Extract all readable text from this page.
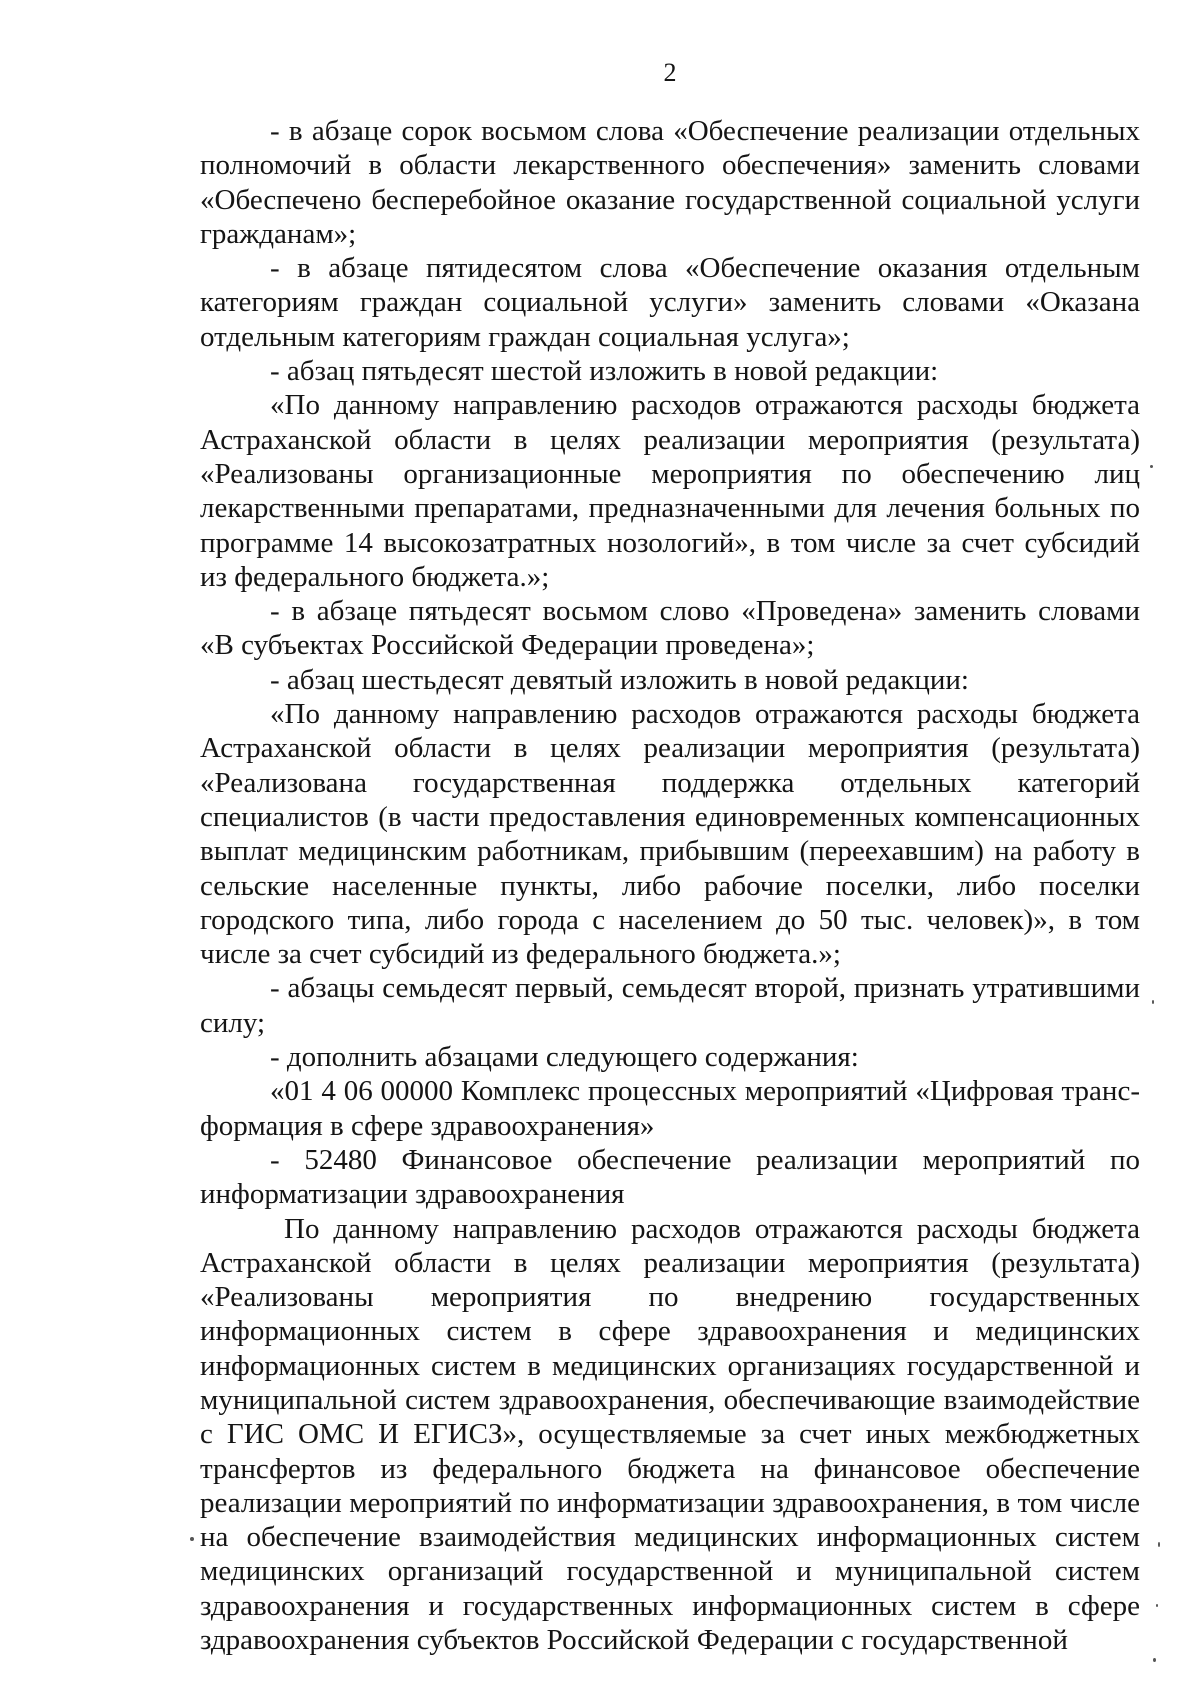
2

- в абзаце сорок восьмом слова «Обеспечение реализации отдельных полномочий в области лекарственного обеспечения» заменить словами «Обеспечено бесперебойное оказание государственной социальной услуги гражданам»;

- в абзаце пятидесятом слова «Обеспечение оказания отдельным категориям граждан социальной услуги» заменить словами «Оказана отдельным категориям граждан социальная услуга»;

- абзац пятьдесят шестой изложить в новой редакции:

«По данному направлению расходов отражаются расходы бюджета Астраханской области в целях реализации мероприятия (результата) «Реализованы организационные мероприятия по обеспечению лиц лекарственными препаратами, предназначенными для лечения больных по программе 14 высокозатратных нозологий», в том числе за счет субсидий из федерального бюджета.»;

- в абзаце пятьдесят восьмом слово «Проведена» заменить словами «В субъектах Российской Федерации проведена»;

- абзац шестьдесят девятый изложить в новой редакции:

«По данному направлению расходов отражаются расходы бюджета Астраханской области в целях реализации мероприятия (результата) «Реализована государственная поддержка отдельных категорий специалистов (в части предоставления единовременных компенсационных выплат медицинским работникам, прибывшим (переехавшим) на работу в сельские населенные пункты, либо рабочие поселки, либо поселки городского типа, либо города с населением до 50 тыс. человек)», в том числе за счет субсидий из федерального бюджета.»;

- абзацы семьдесят первый, семьдесят второй, признать утратившими силу;

- дополнить абзацами следующего содержания:

«01 4 06 00000 Комплекс процессных мероприятий «Цифровая трансформация в сфере здравоохранения»

- 52480 Финансовое обеспечение реализации мероприятий по информатизации здравоохранения

По данному направлению расходов отражаются расходы бюджета Астраханской области в целях реализации мероприятия (результата) «Реализованы мероприятия по внедрению государственных информационных систем в сфере здравоохранения и медицинских информационных систем в медицинских организациях государственной и муниципальной систем здравоохранения, обеспечивающие взаимодействие с ГИС ОМС И ЕГИСЗ», осуществляемые за счет иных межбюджетных трансфертов из федерального бюджета на финансовое обеспечение реализации мероприятий по информатизации здравоохранения, в том числе на обеспечение взаимодействия медицинских информационных систем медицинских организаций государственной и муниципальной систем здравоохранения и государственных информационных систем в сфере здравоохранения субъектов Российской Федерации с государственной
